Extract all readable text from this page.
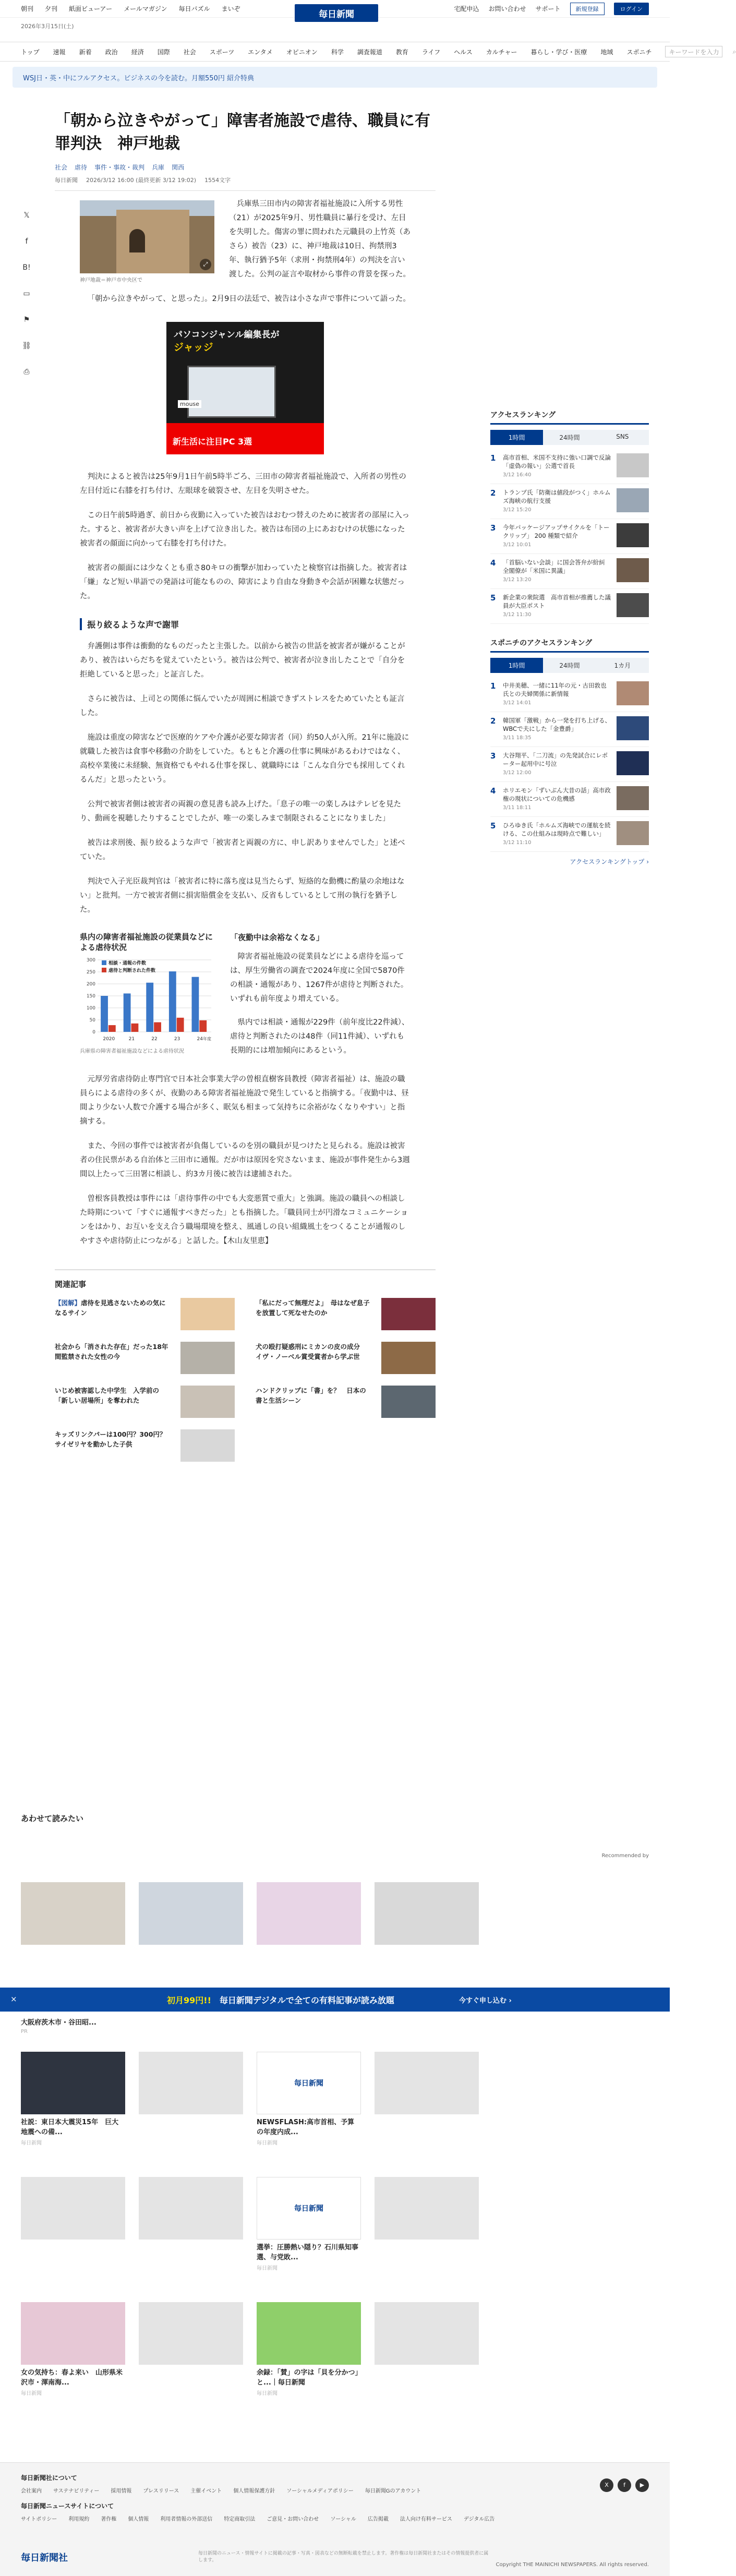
朝刊 夕刊 紙面ビューアー メールマガジン 毎日パズル まいぞ	宅配申込 お問い合わせ サポート	新規登録	ログイン
毎日新聞
2026年3月15日(土)
トップ 速報 新着 政治 経済 国際 社会 スポーツ エンタメ オピニオン 科学 調査報道 教育 ライフ ヘルス カルチャー 暮らし・学び・医療 地域 スポニチ	キーワードを入力 ⌕
WSJ日・英・中にフルアクセス。ビジネスの今を読む。月額550円 紹介特典
𝕏
f
B!
▭
⚑
⛓
⎙
「朝から泣きやがって」障害者施設で虐待、職員に有罪判決　神戸地裁
社会 虐待 事件・事故・裁判 兵庫 関西
毎日新聞 2026/3/12 16:00 (最終更新 3/12 19:02) 1554文字
⤢
神戸地裁＝神戸市中央区で

兵庫県三田市内の障害者福祉施設に入所する男性（21）が2025年9月、男性職員に暴行を受け、左目を失明した。傷害の罪に問われた元職員の上竹英（あさら）被告（23）に、神戸地裁は10日、拘禁刑3年、執行猶予5年（求刑・拘禁刑4年）の判決を言い渡した。公判の証言や取材から事件の背景を探った。

「朝から泣きやがって、と思った」。2月9日の法廷で、被告は小さな声で事件について語った。

パソコンジャンル編集長が
ジャッジ
mouse
新生活に注目PC 3選

判決によると被告は25年9月1日午前5時半ごろ、三田市の障害者福祉施設で、入所者の男性の左目付近に右膝を打ち付け、左眼球を破裂させ、左目を失明させた。

この日午前5時過ぎ、前日から夜勤に入っていた被告はおむつ替えのために被害者の部屋に入った。すると、被害者が大きい声を上げて泣き出した。被告は布団の上にあおむけの状態になった被害者の顔面に向かって右膝を打ち付けた。

被害者の顔面には少なくとも重さ80キロの衝撃が加わっていたと検察官は指摘した。被害者は「嫌」など短い単語での発語は可能なものの、障害により自由な身動きや会話が困難な状態だった。

振り絞るような声で謝罪

弁護側は事件は衝動的なものだったと主張した。以前から被告の世話を被害者が嫌がることがあり、被告はいらだちを覚えていたという。被告は公判で、被害者が泣き出したことで「自分を拒絶していると思った」と証言した。

さらに被告は、上司との関係に悩んでいたが周囲に相談できずストレスをためていたとも証言した。

施設は重度の障害などで医療的ケアや介護が必要な障害者（同）約50人が入所。21年に施設に就職した被告は食事や移動の介助をしていた。もともと介護の仕事に興味があるわけではなく、高校卒業後に未経験、無資格でもやれる仕事を探し、就職時には「こんな自分でも採用してくれるんだ」と思ったという。

公判で被害者側は被害者の両親の意見書も読み上げた。「息子の唯一の楽しみはテレビを見たり、動画を視聴したりすることでしたが、唯一の楽しみまで制限されることになりました」

被告は求刑後、振り絞るような声で「被害者と両親の方に、申し訳ありませんでした」と述べていた。

判決で入子光臣裁判官は「被害者に特に落ち度は見当たらず、短絡的な動機に酌量の余地はない」と批判。一方で被害者側に損害賠償金を支払い、反省もしているとして刑の執行を猶予した。

県内の障害者福祉施設の従業員などによる虐待状況
0
50
100
150
200
250
300
2020	21	22	23	24 年度
相談・通報の件数
虐待と判断された件数
兵庫県の障害者福祉施設などによる虐待状況
「夜勤中は余裕なくなる」

障害者福祉施設の従業員などによる虐待を巡っては、厚生労働省の調査で2024年度に全国で5870件の相談・通報があり、1267件が虐待と判断された。いずれも前年度より増えている。

県内では相談・通報が229件（前年度比22件減）、虐待と判断されたのは48件（同11件減）、いずれも長期的には増加傾向にあるという。

元厚労省虐待防止専門官で日本社会事業大学の曽根直樹客員教授（障害者福祉）は、施設の職員らによる虐待の多くが、夜勤のある障害者福祉施設で発生していると指摘する。「夜勤中は、昼間より少ない人数で介護する場合が多く、眠気も相まって気持ちに余裕がなくなりやすい」と指摘する。

また、今回の事件では被害者が負傷しているのを別の職員が見つけたと見られる。施設は被害者の住民票がある自治体と三田市に通報。だが市は原因を究さないまま、施設が事件発生から3週間以上たって三田署に相談し、約3カ月後に被告は逮捕された。

曽根客員教授は事件には「虐待事件の中でも大変悪質で重大」と強調。施設の職員への相談した時期について「すぐに通報すべきだった」とも指摘した。「職員同士が円滑なコミュニケーションをはかり、お互いを支え合う職場環境を整え、風通しの良い組織風土をつくることが通報のしやすさや虐待防止につながる」と話した。【木山友里恵】

関連記事
【図解】虐待を見逃さないための気になるサイン
「私にだって無理だよ」　母はなぜ息子を放置して死なせたのか
社会から「消された存在」だった18年間監禁された女性の今
犬の殴打疑惑刑にミカンの皮の成分　イヴ・ノーベル賞受賞者から学ぶ世
いじめ被害認した中学生　入学前の「新しい居場所」を奪われた
ハンドクリップに「書」を？　日本の書と生活シーン
キッズリンクパーは100円？300円？　サイゼリヤを動かした子供
アクセスランキング
1時間	24時間	SNS
1	高市首相、米国不支持に強い口調で反論　「虚偽の報い」公選で首長
3/12 16:40
2	トランプ氏「防衛は値段がつく」ホルムズ海峡の航行支援
3/12 15:20
3	今年パッケージアップサイクルを「トークリップ」 200 種類で紹介
3/12 10:01
4	「首脳いない会談」に国会答弁が紛糾　全閣僚が「米国に異議」
3/12 13:20
5	新企業の衆院選　高市首相が推薦した議員が大臣ポスト
3/12 11:30
スポニチのアクセスランキング
1時間	24時間	1カ月
1	中井美穂、一緒に11年の元・古田敦也氏との夫婦関係に新情報
3/12 14:01
2	韓国軍「激戦」から一発を打ち上げる、WBCで夫にした「金豊爵」
3/11 18:35
3	大谷翔平、「二刀流」の先発試合にレポーター起用中に号泣
3/12 12:00
4	ホリエモン「ずいぶん大昔の話」高市政権の現状についての危機感
3/11 18:11
5	ひろゆき氏「ホルムズ海峡での運航を続ける、この仕組みは現時点で難しい」
3/12 11:10
アクセスランキングトップ ›
あわせて読みたい
Recommended by
×	初月99円!!　 毎日新聞デジタルで全ての有料記事が読み放題	今すぐ申し込む ›
大阪府茨木市・谷田昭...
PR
社説：東日本大震災15年　巨大地震への備...
毎日新聞
毎日新聞
NEWSFLASH:高市首相、予算の年度内成...
毎日新聞
毎日新聞
選挙：圧勝熱い隠り？石川県知事選、与党敗...
毎日新聞
女の気持ち：春よ来い　山形県米沢市・渾南海...
毎日新聞
余録：「賛」の字は「貝を分かつ」と...｜毎日新聞
毎日新聞
毎日新聞社について
会社案内 サステナビリティー 採用情報 プレスリリース 主催イベント 個人情報保護方針 ソーシャルメディアポリシー 毎日新聞Gのアカウント
毎日新聞ニュースサイトについて
サイトポリシー 利用規約 著作権 個人情報 利用者情報の外部送信 特定商取引法 ご意見・お問い合わせ ソーシャル 広告掲載 法人向け有料サービス デジタル広告
X	f	▶
毎日新聞社	毎日新聞のニュース・情報サイトに掲載の記事・写真・図表などの無断転載を禁止します。著作権は毎日新聞社またはその情報提供者に属します。
Copyright THE MAINICHI NEWSPAPERS. All rights reserved.
